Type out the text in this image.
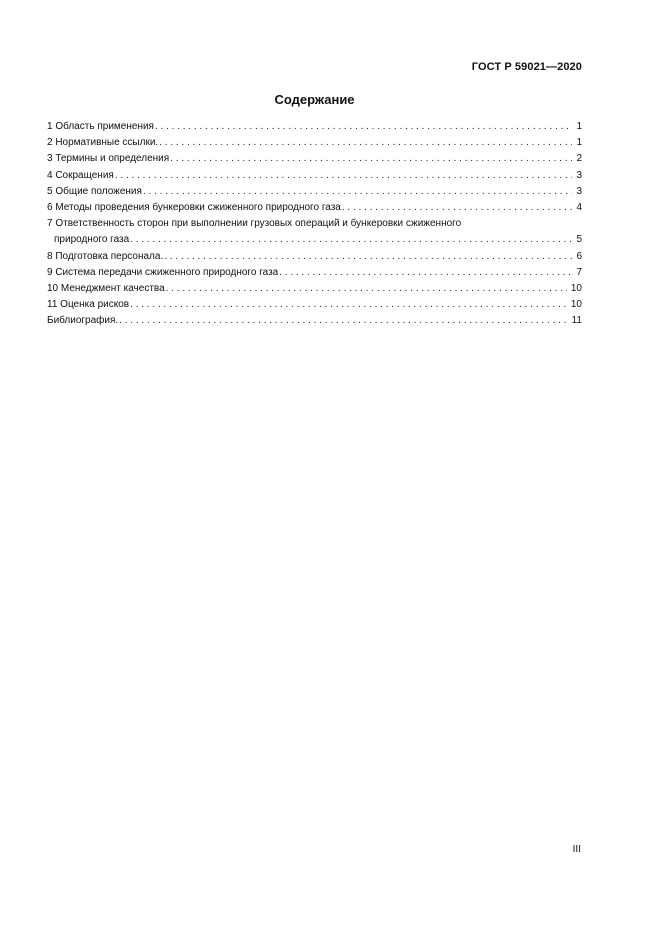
ГОСТ Р 59021—2020
Содержание
1 Область применения . . .	1
2 Нормативные ссылки. . . .	1
3 Термины и определения . . .	2
4 Сокращения . . .	3
5 Общие положения . . .	3
6 Методы проведения бункеровки сжиженного природного газа . . .	4
7 Ответственность сторон при выполнении грузовых операций и бункеровки сжиженного
природного газа . . .	5
8 Подготовка персонала. . . .	6
9 Система передачи сжиженного природного газа . . .	7
10 Менеджмент качества . . .	10
11 Оценка рисков . . .	10
Библиография. . . .	11
III
